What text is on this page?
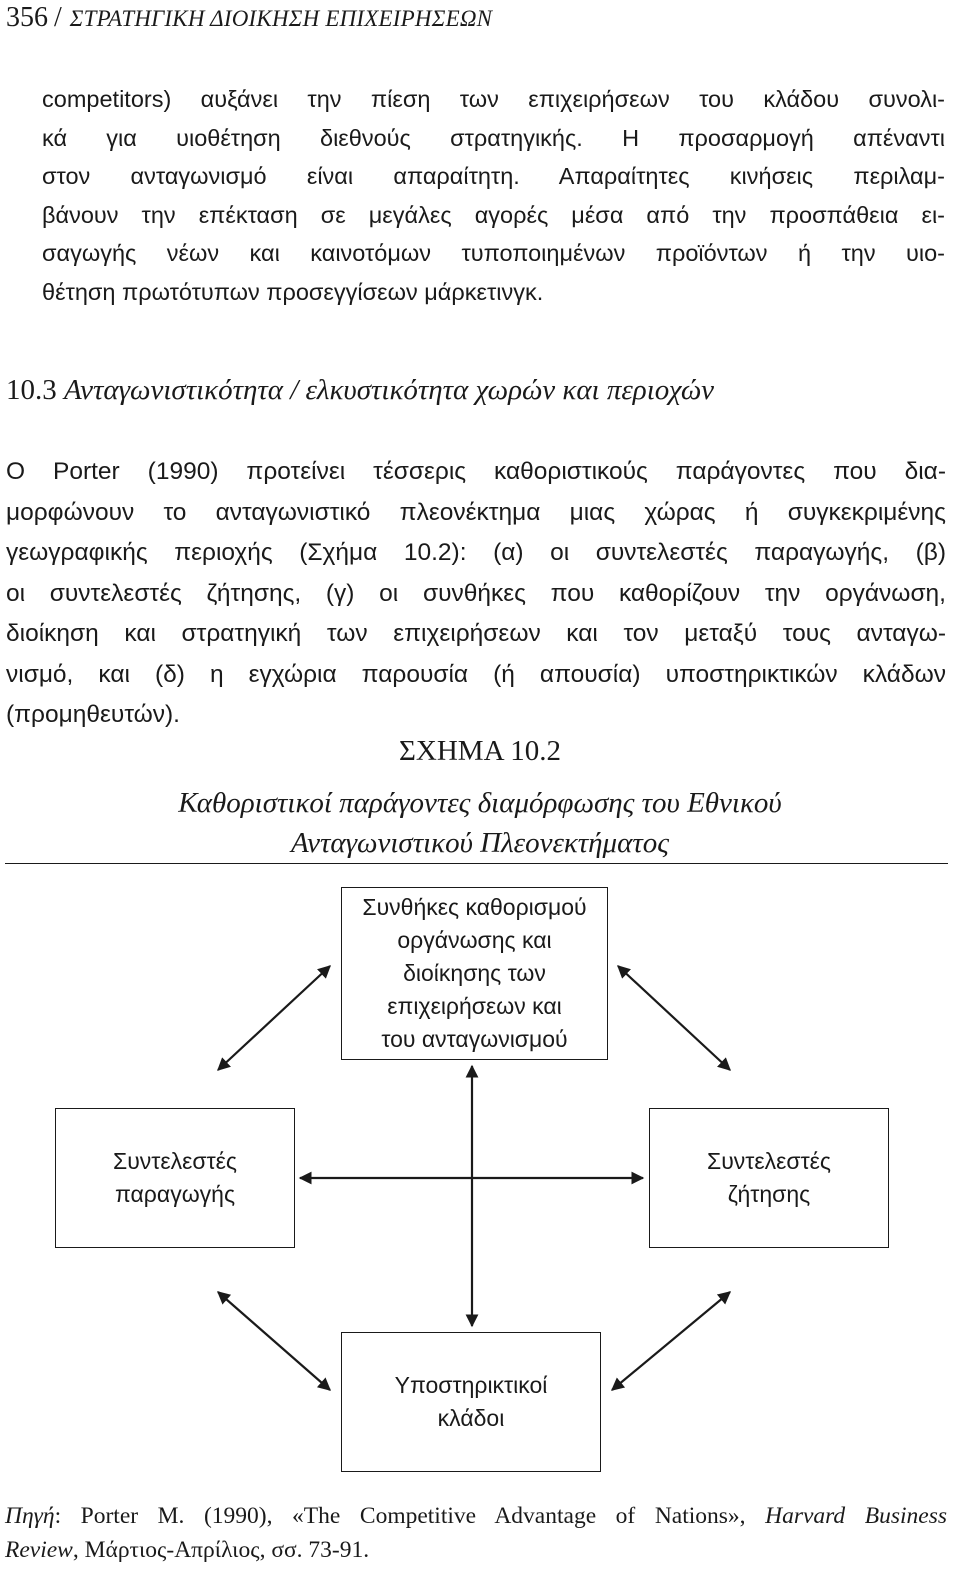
356 / ΣΤΡΑΤΗΓΙΚΗ ΔΙΟΙΚΗΣΗ ΕΠΙΧΕΙΡΗΣΕΩΝ
competitors) αυξάνει την πίεση των επιχειρήσεων του κλάδου συνολι-
κά για υιοθέτηση διεθνούς στρατηγικής. Η προσαρμογή απέναντι
στον ανταγωνισμό είναι απαραίτητη. Απαραίτητες κινήσεις περιλαμ-
βάνουν την επέκταση σε μεγάλες αγορές μέσα από την προσπάθεια ει-
σαγωγής νέων και καινοτόμων τυποποιημένων προϊόντων ή την υιο-
θέτηση πρωτότυπων προσεγγίσεων μάρκετινγκ.
10.3 Ανταγωνιστικότητα / ελκυστικότητα χωρών και περιοχών
Ο Porter (1990) προτείνει τέσσερις καθοριστικούς παράγοντες που δια-
μορφώνουν το ανταγωνιστικό πλεονέκτημα μιας χώρας ή συγκεκριμένης
γεωγραφικής περιοχής (Σχήμα 10.2): (α) οι συντελεστές παραγωγής, (β)
οι συντελεστές ζήτησης, (γ) οι συνθήκες που καθορίζουν την οργάνωση,
διοίκηση και στρατηγική των επιχειρήσεων και τον μεταξύ τους ανταγω-
νισμό, και (δ) η εγχώρια παρουσία (ή απουσία) υποστηρικτικών κλάδων
(προμηθευτών).
ΣΧΗΜΑ 10.2
Καθοριστικοί παράγοντες διαμόρφωσης του Εθνικού
Ανταγωνιστικού Πλεονεκτήματος
Συνθήκες καθορισμού
οργάνωσης και
διοίκησης των
επιχειρήσεων και
του ανταγωνισμού
Συντελεστές
παραγωγής
Συντελεστές
ζήτησης
Υποστηρικτικοί
κλάδοι
Πηγή: Porter M. (1990), «The Competitive Advantage of Nations», Harvard Business
Review, Μάρτιος-Απρίλιος, σσ. 73-91.
